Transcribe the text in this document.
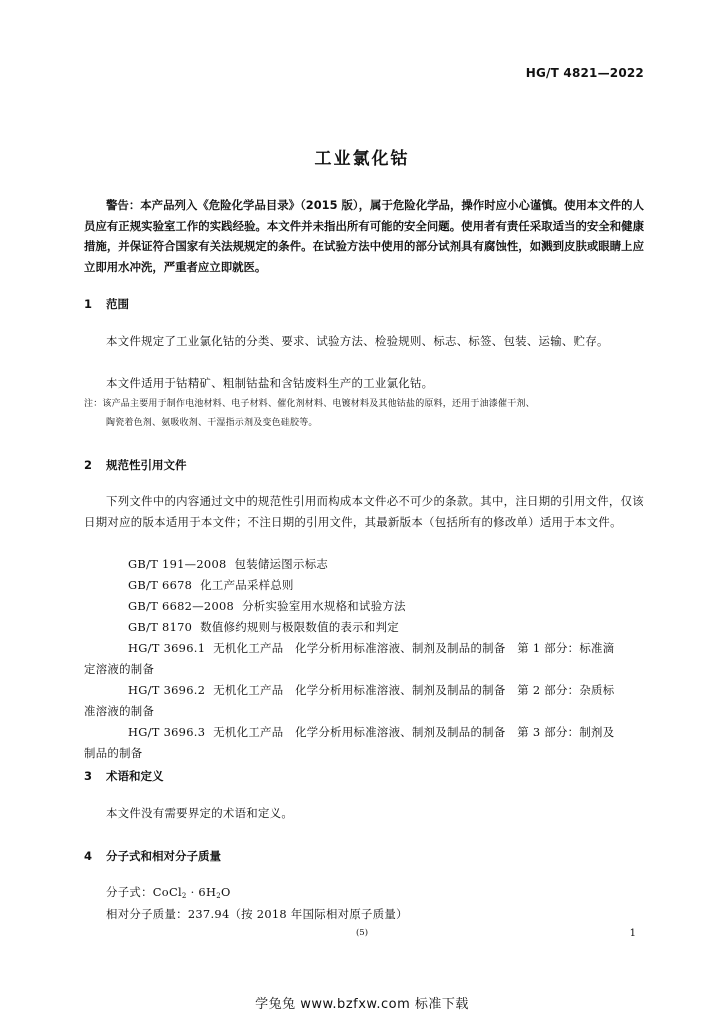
HG/T 4821—2022
工业氯化钴
警告：本产品列入《危险化学品目录》（2015 版），属于危险化学品，操作时应小心谨慎。使用本文件的人员应有正规实验室工作的实践经验。本文件并未指出所有可能的安全问题。使用者有责任采取适当的安全和健康措施，并保证符合国家有关法规规定的条件。在试验方法中使用的部分试剂具有腐蚀性，如溅到皮肤或眼睛上应立即用水冲洗，严重者应立即就医。
1 范围
本文件规定了工业氯化钴的分类、要求、试验方法、检验规则、标志、标签、包装、运输、贮存。
本文件适用于钴精矿、粗制钴盐和含钴废料生产的工业氯化钴。
注：该产品主要用于制作电池材料、电子材料、催化剂材料、电镀材料及其他钴盐的原料，还用于油漆催干剂、
陶瓷着色剂、氨吸收剂、干湿指示剂及变色硅胶等。
2 规范性引用文件
下列文件中的内容通过文中的规范性引用而构成本文件必不可少的条款。其中，注日期的引用文件，仅该日期对应的版本适用于本文件；不注日期的引用文件，其最新版本（包括所有的修改单）适用于本文件。
GB/T 191—2008 包装储运图示标志
GB/T 6678 化工产品采样总则
GB/T 6682—2008 分析实验室用水规格和试验方法
GB/T 8170 数值修约规则与极限数值的表示和判定
HG/T 3696.1 无机化工产品　化学分析用标准溶液、制剂及制品的制备　第 1 部分：标准滴
定溶液的制备
HG/T 3696.2 无机化工产品　化学分析用标准溶液、制剂及制品的制备　第 2 部分：杂质标
准溶液的制备
HG/T 3696.3 无机化工产品　化学分析用标准溶液、制剂及制品的制备　第 3 部分：制剂及
制品的制备
3 术语和定义
本文件没有需要界定的术语和定义。
4 分子式和相对分子质量
分子式：CoCl$_2$ · $6H_2O$
相对分子质量：237.94（按 2018 年国际相对原子质量）
(5)	1
学兔兔 www.bzfxw.com 标准下载
